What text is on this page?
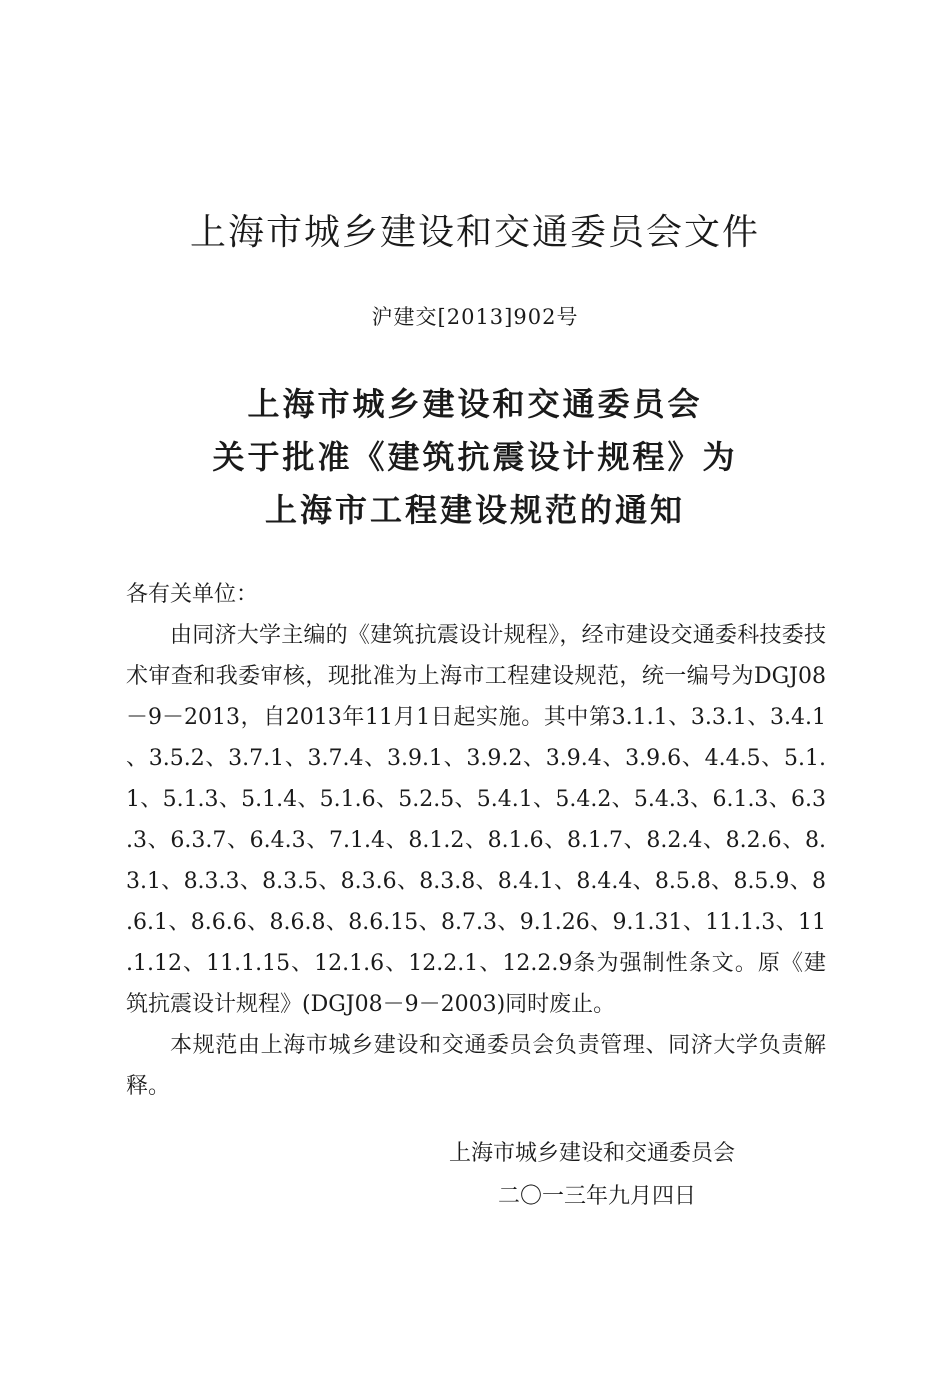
上海市城乡建设和交通委员会文件
沪建交[2013]902号
上海市城乡建设和交通委员会
关于批准《建筑抗震设计规程》为
上海市工程建设规范的通知
各有关单位：
由同济大学主编的《建筑抗震设计规程》，经市建设交通委科技委技术审查和我委审核，现批准为上海市工程建设规范，统一编号为DGJ08－9－2013，自2013年11月1日起实施。其中第3.1.1、3.3.1、3.4.1、3.5.2、3.7.1、3.7.4、3.9.1、3.9.2、3.9.4、3.9.6、4.4.5、5.1.1、5.1.3、5.1.4、5.1.6、5.2.5、5.4.1、5.4.2、5.4.3、6.1.3、6.3.3、6.3.7、6.4.3、7.1.4、8.1.2、8.1.6、8.1.7、8.2.4、8.2.6、8.3.1、8.3.3、8.3.5、8.3.6、8.3.8、8.4.1、8.4.4、8.5.8、8.5.9、8.6.1、8.6.6、8.6.8、8.6.15、8.7.3、9.1.26、9.1.31、11.1.3、11.1.12、11.1.15、12.1.6、12.2.1、12.2.9条为强制性条文。原《建筑抗震设计规程》(DGJ08－9－2003)同时废止。
本规范由上海市城乡建设和交通委员会负责管理、同济大学负责解释。
上海市城乡建设和交通委员会
二〇一三年九月四日
